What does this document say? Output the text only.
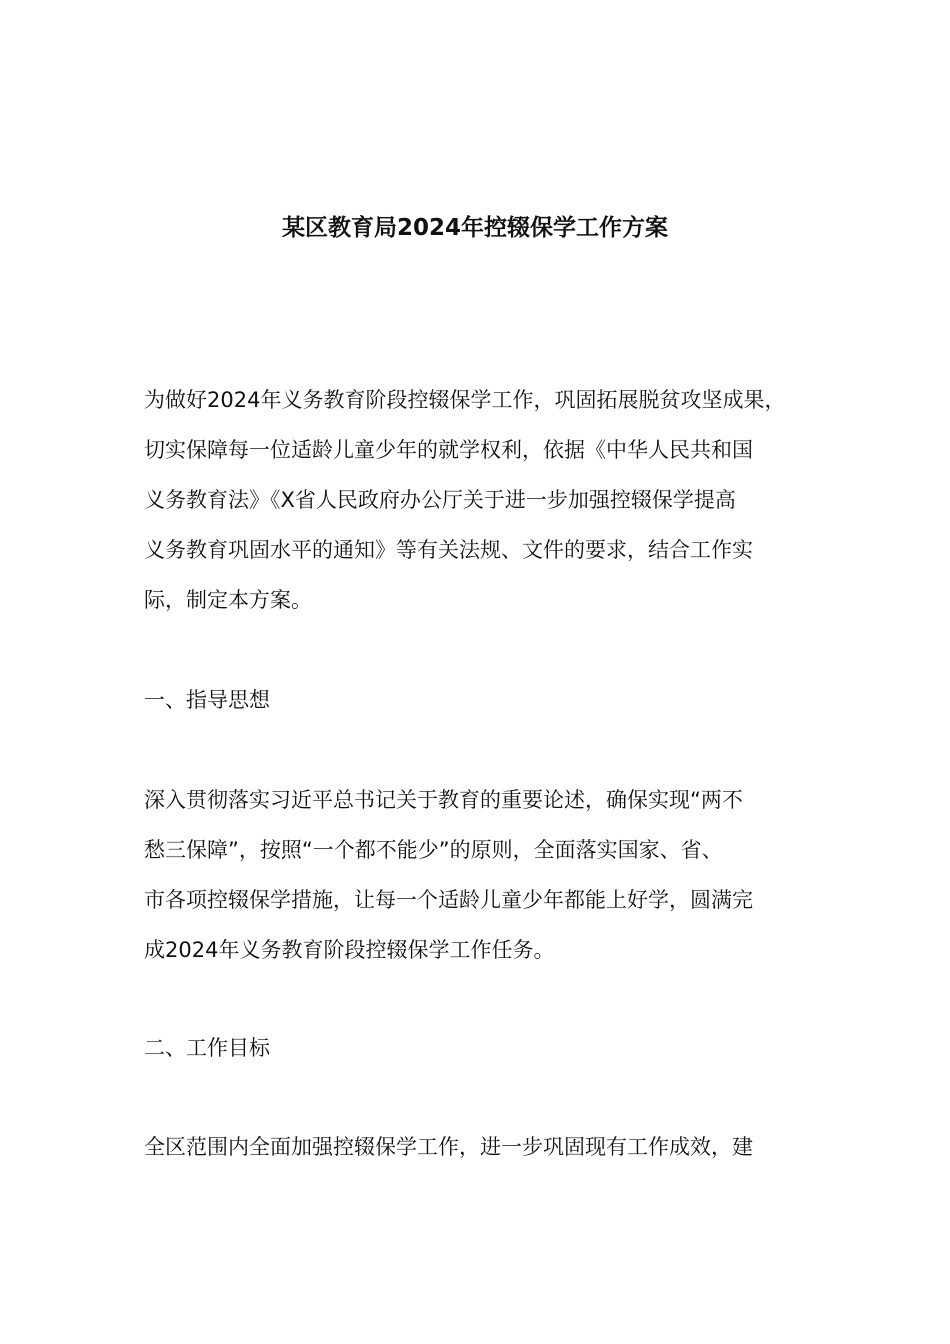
某区教育局2024年控辍保学工作方案
为做好2024年义务教育阶段控辍保学工作，巩固拓展脱贫攻坚成果，
切实保障每一位适龄儿童少年的就学权利，依据《中华人民共和国
义务教育法》《X省人民政府办公厅关于进一步加强控辍保学提高
义务教育巩固水平的通知》等有关法规、文件的要求，结合工作实
际，制定本方案。
一、指导思想
深入贯彻落实习近平总书记关于教育的重要论述，确保实现“两不
愁三保障”，按照“一个都不能少”的原则，全面落实国家、省、
市各项控辍保学措施，让每一个适龄儿童少年都能上好学，圆满完
成2024年义务教育阶段控辍保学工作任务。
二、工作目标
全区范围内全面加强控辍保学工作，进一步巩固现有工作成效，建
